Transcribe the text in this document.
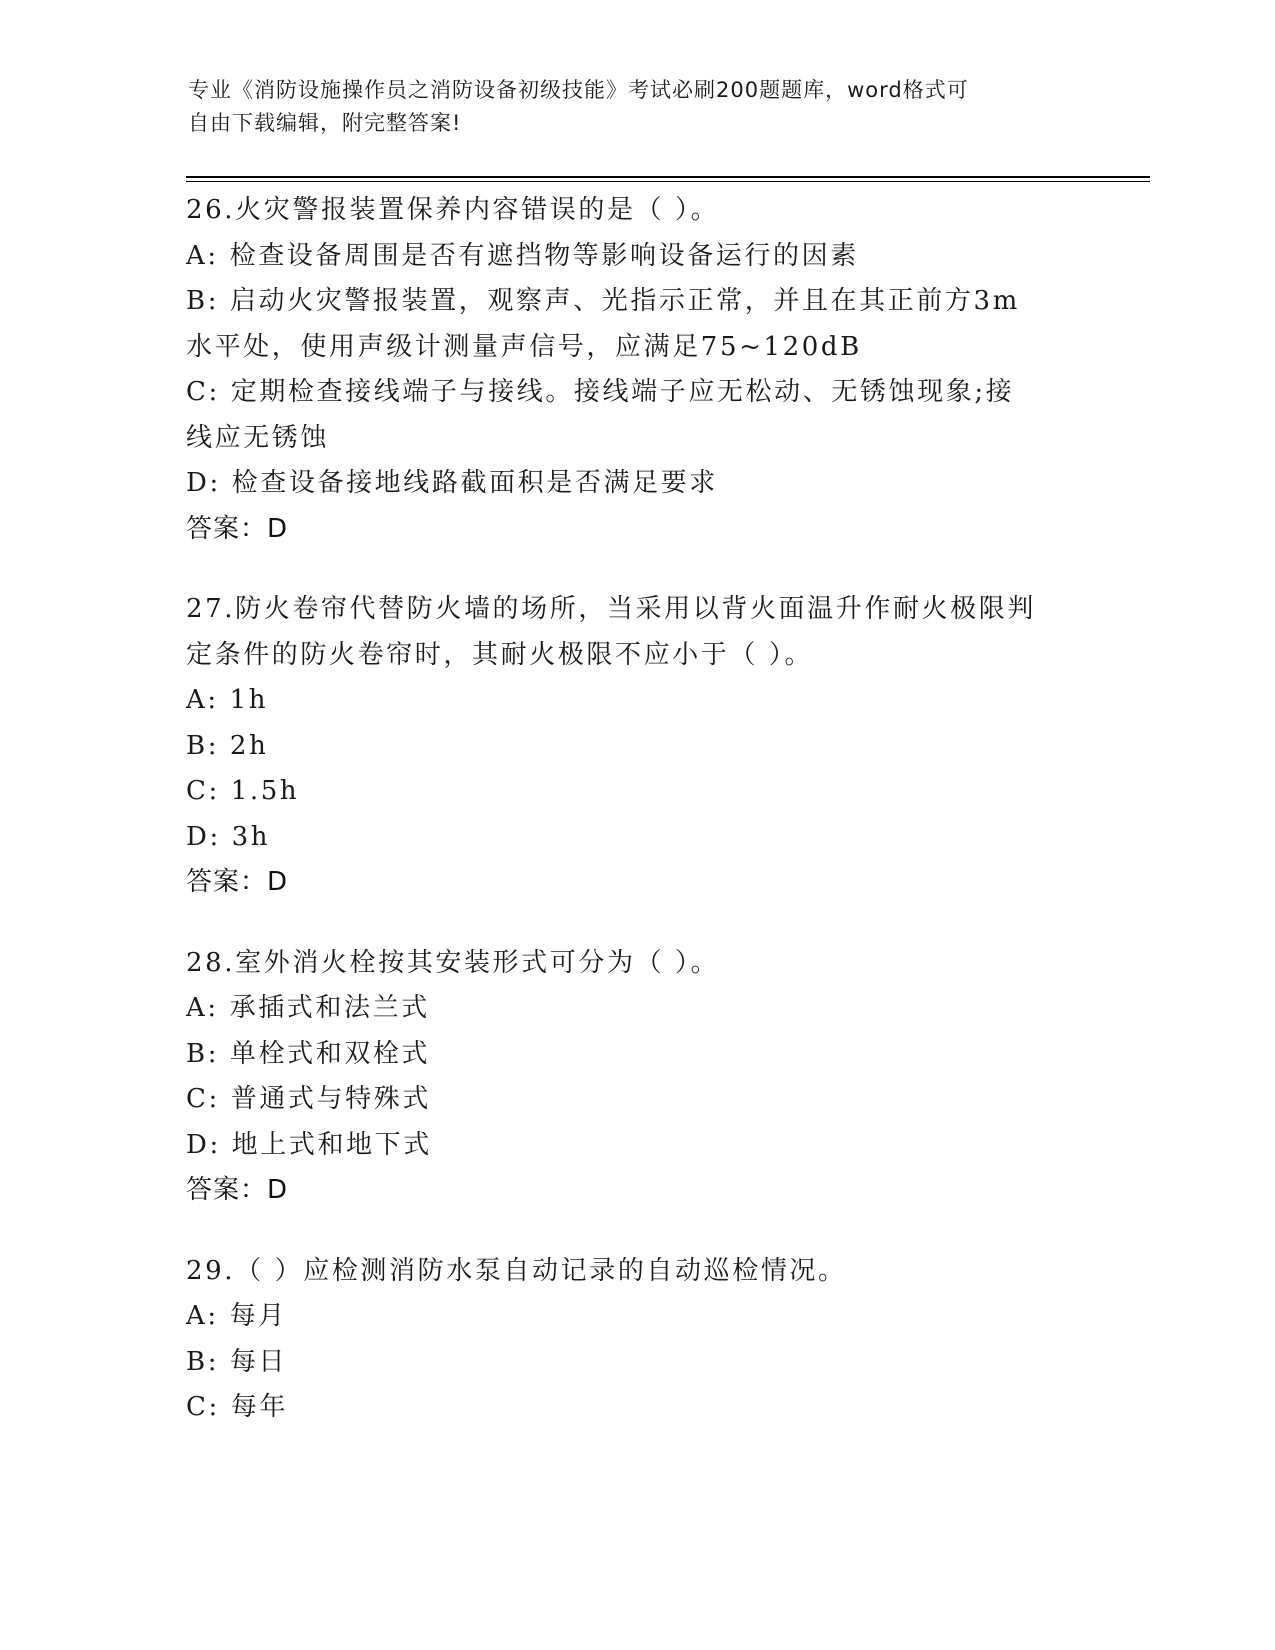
专业《消防设施操作员之消防设备初级技能》考试必刷200题题库，word格式可
自由下载编辑，附完整答案!
26.火灾警报装置保养内容错误的是（ ）。
A: 检查设备周围是否有遮挡物等影响设备运行的因素
B: 启动火灾警报装置，观察声、光指示正常，并且在其正前方3m水平处，使用声级计测量声信号，应满足75~120dB
C: 定期检查接线端子与接线。接线端子应无松动、无锈蚀现象;接线应无锈蚀
D: 检查设备接地线路截面积是否满足要求
答案：D
27.防火卷帘代替防火墙的场所，当采用以背火面温升作耐火极限判定条件的防火卷帘时，其耐火极限不应小于（ ）。
A: 1h
B: 2h
C: 1.5h
D: 3h
答案：D
28.室外消火栓按其安装形式可分为（ ）。
A: 承插式和法兰式
B: 单栓式和双栓式
C: 普通式与特殊式
D: 地上式和地下式
答案：D
29.（ ）应检测消防水泵自动记录的自动巡检情况。
A: 每月
B: 每日
C: 每年
